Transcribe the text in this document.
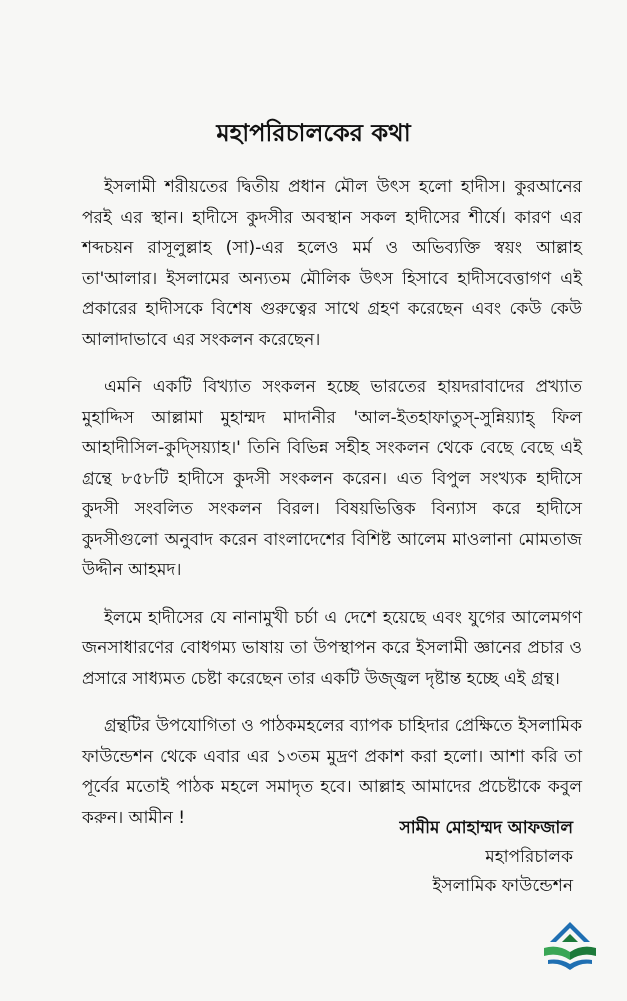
মহাপরিচালকের কথা

ইসলামী শরীয়তের দ্বিতীয় প্রধান মৌল উৎস হলো হাদীস। কুরআনের পরই এর স্থান। হাদীসে কুদসীর অবস্থান সকল হাদীসের শীর্ষে। কারণ এর শব্দচয়ন রাসূলুল্লাহ (সা)-এর হলেও মর্ম ও অভিব্যক্তি স্বয়ং আল্লাহ তা'আলার। ইসলামের অন্যতম মৌলিক উৎস হিসাবে হাদীসবেত্তাগণ এই প্রকারের হাদীসকে বিশেষ গুরুত্বের সাথে গ্রহণ করেছেন এবং কেউ কেউ আলাদাভাবে এর সংকলন করেছেন।

এমনি একটি বিখ্যাত সংকলন হচ্ছে ভারতের হায়দরাবাদের প্রখ্যাত মুহাদ্দিস আল্লামা মুহাম্মদ মাদানীর 'আল-ইতহাফাতুস্-সুন্নিয়্যাহ্ ফিল আহাদীসিল-কুদ্সিয়্যাহ।' তিনি বিভিন্ন সহীহ সংকলন থেকে বেছে বেছে এই গ্রন্থে ৮৫৮টি হাদীসে কুদসী সংকলন করেন। এত বিপুল সংখ্যক হাদীসে কুদসী সংবলিত সংকলন বিরল। বিষয়ভিত্তিক বিন্যাস করে হাদীসে কুদসীগুলো অনুবাদ করেন বাংলাদেশের বিশিষ্ট আলেম মাওলানা মোমতাজ উদ্দীন আহমদ।

ইলমে হাদীসের যে নানামুখী চর্চা এ দেশে হয়েছে এবং যুগের আলেমগণ জনসাধারণের বোধগম্য ভাষায় তা উপস্থাপন করে ইসলামী জ্ঞানের প্রচার ও প্রসারে সাধ্যমত চেষ্টা করেছেন তার একটি উজ্জ্বল দৃষ্টান্ত হচ্ছে এই গ্রন্থ।

গ্রন্থটির উপযোগিতা ও পাঠকমহলের ব্যাপক চাহিদার প্রেক্ষিতে ইসলামিক ফাউন্ডেশন থেকে এবার এর ১৩তম মুদ্রণ প্রকাশ করা হলো। আশা করি তা পূর্বের মতোই পাঠক মহলে সমাদৃত হবে। আল্লাহ আমাদের প্রচেষ্টাকে কবুল করুন। আমীন !

সামীম মোহাম্মদ আফজাল
মহাপরিচালক
ইসলামিক ফাউন্ডেশন
